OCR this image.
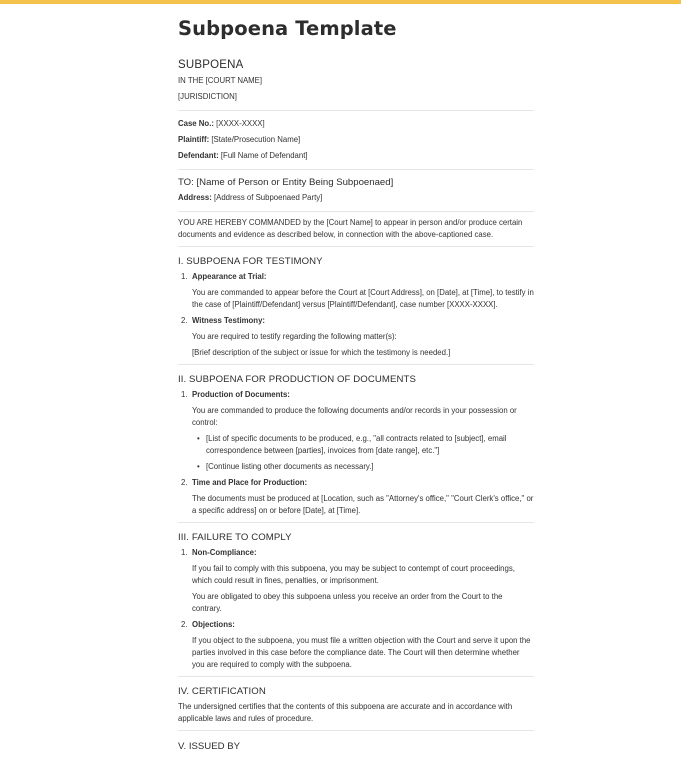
Subpoena Template
SUBPOENA
IN THE [COURT NAME]
[JURISDICTION]
Case No.: [XXXX-XXXX]
Plaintiff: [State/Prosecution Name]
Defendant: [Full Name of Defendant]
TO: [Name of Person or Entity Being Subpoenaed]
Address: [Address of Subpoenaed Party]
YOU ARE HEREBY COMMANDED by the [Court Name] to appear in person and/or produce certain documents and evidence as described below, in connection with the above-captioned case.
I. SUBPOENA FOR TESTIMONY
1. Appearance at Trial:
You are commanded to appear before the Court at [Court Address], on [Date], at [Time], to testify in the case of [Plaintiff/Defendant] versus [Plaintiff/Defendant], case number [XXXX-XXXX].
2. Witness Testimony:
You are required to testify regarding the following matter(s):
[Brief description of the subject or issue for which the testimony is needed.]
II. SUBPOENA FOR PRODUCTION OF DOCUMENTS
1. Production of Documents:
You are commanded to produce the following documents and/or records in your possession or control:
• [List of specific documents to be produced, e.g., "all contracts related to [subject], email correspondence between [parties], invoices from [date range], etc."]
• [Continue listing other documents as necessary.]
2. Time and Place for Production:
The documents must be produced at [Location, such as "Attorney's office," "Court Clerk's office," or a specific address] on or before [Date], at [Time].
III. FAILURE TO COMPLY
1. Non-Compliance:
If you fail to comply with this subpoena, you may be subject to contempt of court proceedings, which could result in fines, penalties, or imprisonment.
You are obligated to obey this subpoena unless you receive an order from the Court to the contrary.
2. Objections:
If you object to the subpoena, you must file a written objection with the Court and serve it upon the parties involved in this case before the compliance date. The Court will then determine whether you are required to comply with the subpoena.
IV. CERTIFICATION
The undersigned certifies that the contents of this subpoena are accurate and in accordance with applicable laws and rules of procedure.
V. ISSUED BY
